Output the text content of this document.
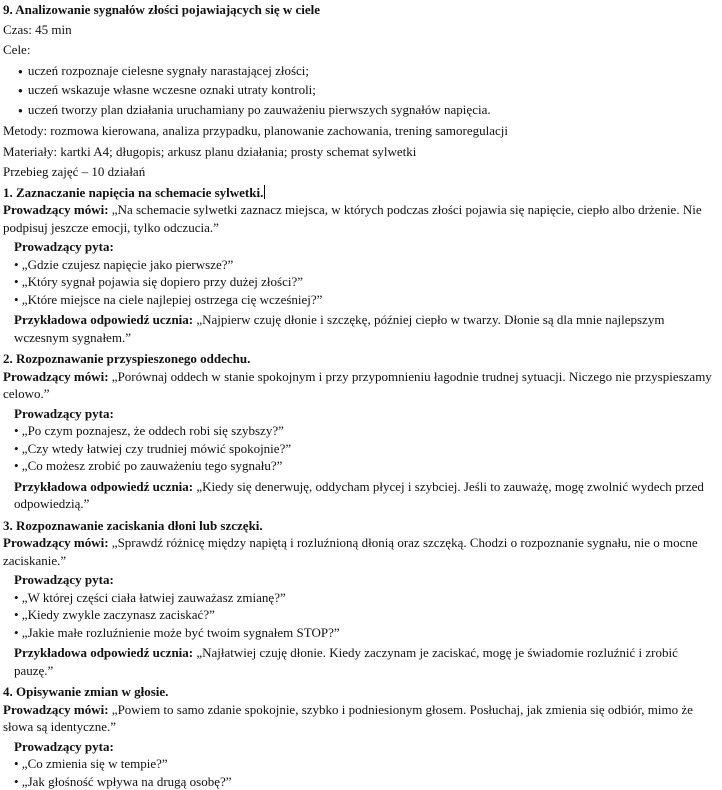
9. Analizowanie sygnałów złości pojawiających się w ciele
Czas: 45 min
Cele:
● uczeń rozpoznaje cielesne sygnały narastającej złości;
● uczeń wskazuje własne wczesne oznaki utraty kontroli;
● uczeń tworzy plan działania uruchamiany po zauważeniu pierwszych sygnałów napięcia.
Metody: rozmowa kierowana, analiza przypadku, planowanie zachowania, trening samoregulacji
Materiały: kartki A4; długopis; arkusz planu działania; prosty schemat sylwetki
Przebieg zajęć – 10 działań
1. Zaznaczanie napięcia na schemacie sylwetki.
Prowadzący mówi: „Na schemacie sylwetki zaznacz miejsca, w których podczas złości pojawia się napięcie, ciepło albo drżenie. Nie podpisuj jeszcze emocji, tylko odczucia.”
Prowadzący pyta:
• „Gdzie czujesz napięcie jako pierwsze?”
• „Który sygnał pojawia się dopiero przy dużej złości?”
• „Które miejsce na ciele najlepiej ostrzega cię wcześniej?”
Przykładowa odpowiedź ucznia: „Najpierw czuję dłonie i szczękę, później ciepło w twarzy. Dłonie są dla mnie najlepszym wczesnym sygnałem.”
2. Rozpoznawanie przyspieszonego oddechu.
Prowadzący mówi: „Porównaj oddech w stanie spokojnym i przy przypomnieniu łagodnie trudnej sytuacji. Niczego nie przyspieszamy celowo.”
Prowadzący pyta:
• „Po czym poznajesz, że oddech robi się szybszy?”
• „Czy wtedy łatwiej czy trudniej mówić spokojnie?”
• „Co możesz zrobić po zauważeniu tego sygnału?”
Przykładowa odpowiedź ucznia: „Kiedy się denerwuję, oddycham płycej i szybciej. Jeśli to zauważę, mogę zwolnić wydech przed odpowiedzią.”
3. Rozpoznawanie zaciskania dłoni lub szczęki.
Prowadzący mówi: „Sprawdź różnicę między napiętą i rozluźnioną dłonią oraz szczęką. Chodzi o rozpoznanie sygnału, nie o mocne zaciskanie.”
Prowadzący pyta:
• „W której części ciała łatwiej zauważasz zmianę?”
• „Kiedy zwykle zaczynasz zaciskać?”
• „Jakie małe rozluźnienie może być twoim sygnałem STOP?”
Przykładowa odpowiedź ucznia: „Najłatwiej czuję dłonie. Kiedy zaczynam je zaciskać, mogę je świadomie rozluźnić i zrobić pauzę.”
4. Opisywanie zmian w głosie.
Prowadzący mówi: „Powiem to samo zdanie spokojnie, szybko i podniesionym głosem. Posłuchaj, jak zmienia się odbiór, mimo że słowa są identyczne.”
Prowadzący pyta:
• „Co zmienia się w tempie?”
• „Jak głośność wpływa na drugą osobę?”
